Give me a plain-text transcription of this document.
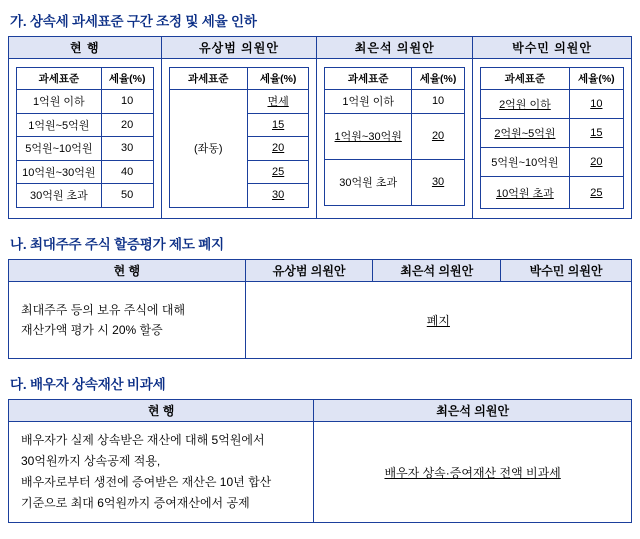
가. 상속세 과세표준 구간 조정 및 세율 인하
현 행	유상범 의원안	최은석 의원안	박수민 의원안

과세표준	세율(%)
1억원 이하	10
1억원~5억원	20
5억원~10억원	30
10억원~30억원	40
30억원 초과	50

과세표준	세율(%)
(좌동)	면세
15
20
25
30

과세표준	세율(%)
1억원 이하	10
1억원~30억원	20
30억원 초과	30

과세표준	세율(%)
2억원 이하	10
2억원~5억원	15
5억원~10억원	20
10억원 초과	25
나. 최대주주 주식 할증평가 제도 폐지
현 행	유상범 의원안	최은석 의원안	박수민 의원안

최대주주 등의 보유 주식에 대해
재산가액 평가 시 20% 할증	폐지		
다. 배우자 상속재산 비과세
현 행	최은석 의원안

배우자가 실제 상속받은 재산에 대해 5억원에서
30억원까지 상속공제 적용,
배우자로부터 생전에 증여받은 재산은 10년 합산
기준으로 최대 6억원까지 증여재산에서 공제	배우자 상속·증여재산 전액 비과세
